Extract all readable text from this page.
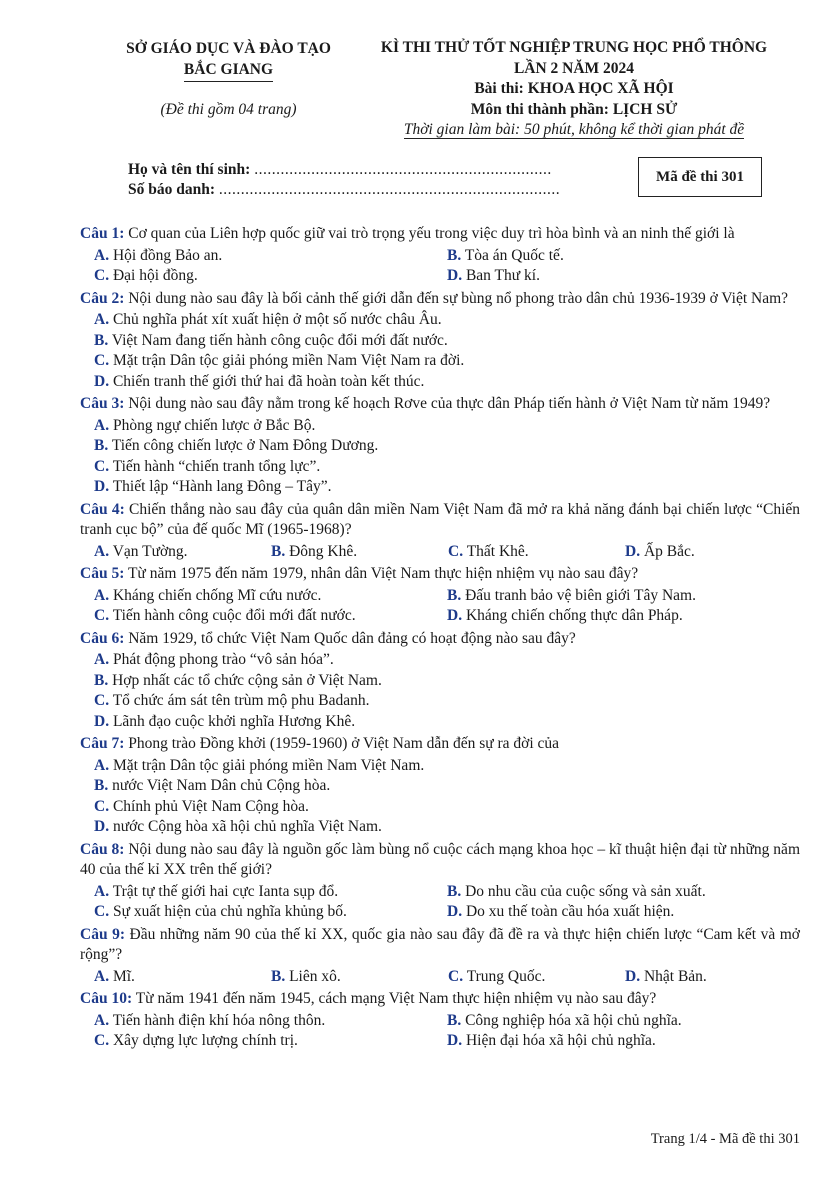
SỞ GIÁO DỤC VÀ ĐÀO TẠO
BẮC GIANG
(Đề thi gồm 04 trang)
KÌ THI THỬ TỐT NGHIỆP TRUNG HỌC PHỔ THÔNG
LẦN 2 NĂM 2024
Bài thi: KHOA HỌC XÃ HỘI
Môn thi thành phần: LỊCH SỬ
Thời gian làm bài: 50 phút, không kể thời gian phát đề
Họ và tên thí sinh: ....................................................................
Số báo danh: ..............................................................................
Mã đề thi 301
Câu 1: Cơ quan của Liên hợp quốc giữ vai trò trọng yếu trong việc duy trì hòa bình và an ninh thế giới là
A. Hội đồng Bảo an.	B. Tòa án Quốc tế.
C. Đại hội đồng.	D. Ban Thư kí.
Câu 2: Nội dung nào sau đây là bối cảnh thế giới dẫn đến sự bùng nổ phong trào dân chủ 1936-1939 ở Việt Nam?
A. Chủ nghĩa phát xít xuất hiện ở một số nước châu Âu.
B. Việt Nam đang tiến hành công cuộc đổi mới đất nước.
C. Mặt trận Dân tộc giải phóng miền Nam Việt Nam ra đời.
D. Chiến tranh thế giới thứ hai đã hoàn toàn kết thúc.
Câu 3: Nội dung nào sau đây nằm trong kế hoạch Rơve của thực dân Pháp tiến hành ở Việt Nam từ năm 1949?
A. Phòng ngự chiến lược ở Bắc Bộ.
B. Tiến công chiến lược ở Nam Đông Dương.
C. Tiến hành “chiến tranh tổng lực”.
D. Thiết lập “Hành lang Đông – Tây”.
Câu 4: Chiến thắng nào sau đây của quân dân miền Nam Việt Nam đã mở ra khả năng đánh bại chiến lược “Chiến tranh cục bộ” của đế quốc Mĩ (1965-1968)?
A. Vạn Tường.	B. Đông Khê.	C. Thất Khê.	D. Ấp Bắc.
Câu 5: Từ năm 1975 đến năm 1979, nhân dân Việt Nam thực hiện nhiệm vụ nào sau đây?
A. Kháng chiến chống Mĩ cứu nước.	B. Đấu tranh bảo vệ biên giới Tây Nam.
C. Tiến hành công cuộc đổi mới đất nước.	D. Kháng chiến chống thực dân Pháp.
Câu 6: Năm 1929, tổ chức Việt Nam Quốc dân đảng có hoạt động nào sau đây?
A. Phát động phong trào “vô sản hóa”.
B. Hợp nhất các tổ chức cộng sản ở Việt Nam.
C. Tổ chức ám sát tên trùm mộ phu Badanh.
D. Lãnh đạo cuộc khởi nghĩa Hương Khê.
Câu 7: Phong trào Đồng khởi (1959-1960) ở Việt Nam dẫn đến sự ra đời của
A. Mặt trận Dân tộc giải phóng miền Nam Việt Nam.
B. nước Việt Nam Dân chủ Cộng hòa.
C. Chính phủ Việt Nam Cộng hòa.
D. nước Cộng hòa xã hội chủ nghĩa Việt Nam.
Câu 8: Nội dung nào sau đây là nguồn gốc làm bùng nổ cuộc cách mạng khoa học – kĩ thuật hiện đại từ những năm 40 của thế kỉ XX trên thế giới?
A. Trật tự thế giới hai cực Ianta sụp đổ.	B. Do nhu cầu của cuộc sống và sản xuất.
C. Sự xuất hiện của chủ nghĩa khủng bố.	D. Do xu thế toàn cầu hóa xuất hiện.
Câu 9: Đầu những năm 90 của thế kỉ XX, quốc gia nào sau đây đã đề ra và thực hiện chiến lược “Cam kết và mở rộng”?
A. Mĩ.	B. Liên xô.	C. Trung Quốc.	D. Nhật Bản.
Câu 10: Từ năm 1941 đến năm 1945, cách mạng Việt Nam thực hiện nhiệm vụ nào sau đây?
A. Tiến hành điện khí hóa nông thôn.	B. Công nghiệp hóa xã hội chủ nghĩa.
C. Xây dựng lực lượng chính trị.	D. Hiện đại hóa xã hội chủ nghĩa.
Trang 1/4 - Mã đề thi 301
